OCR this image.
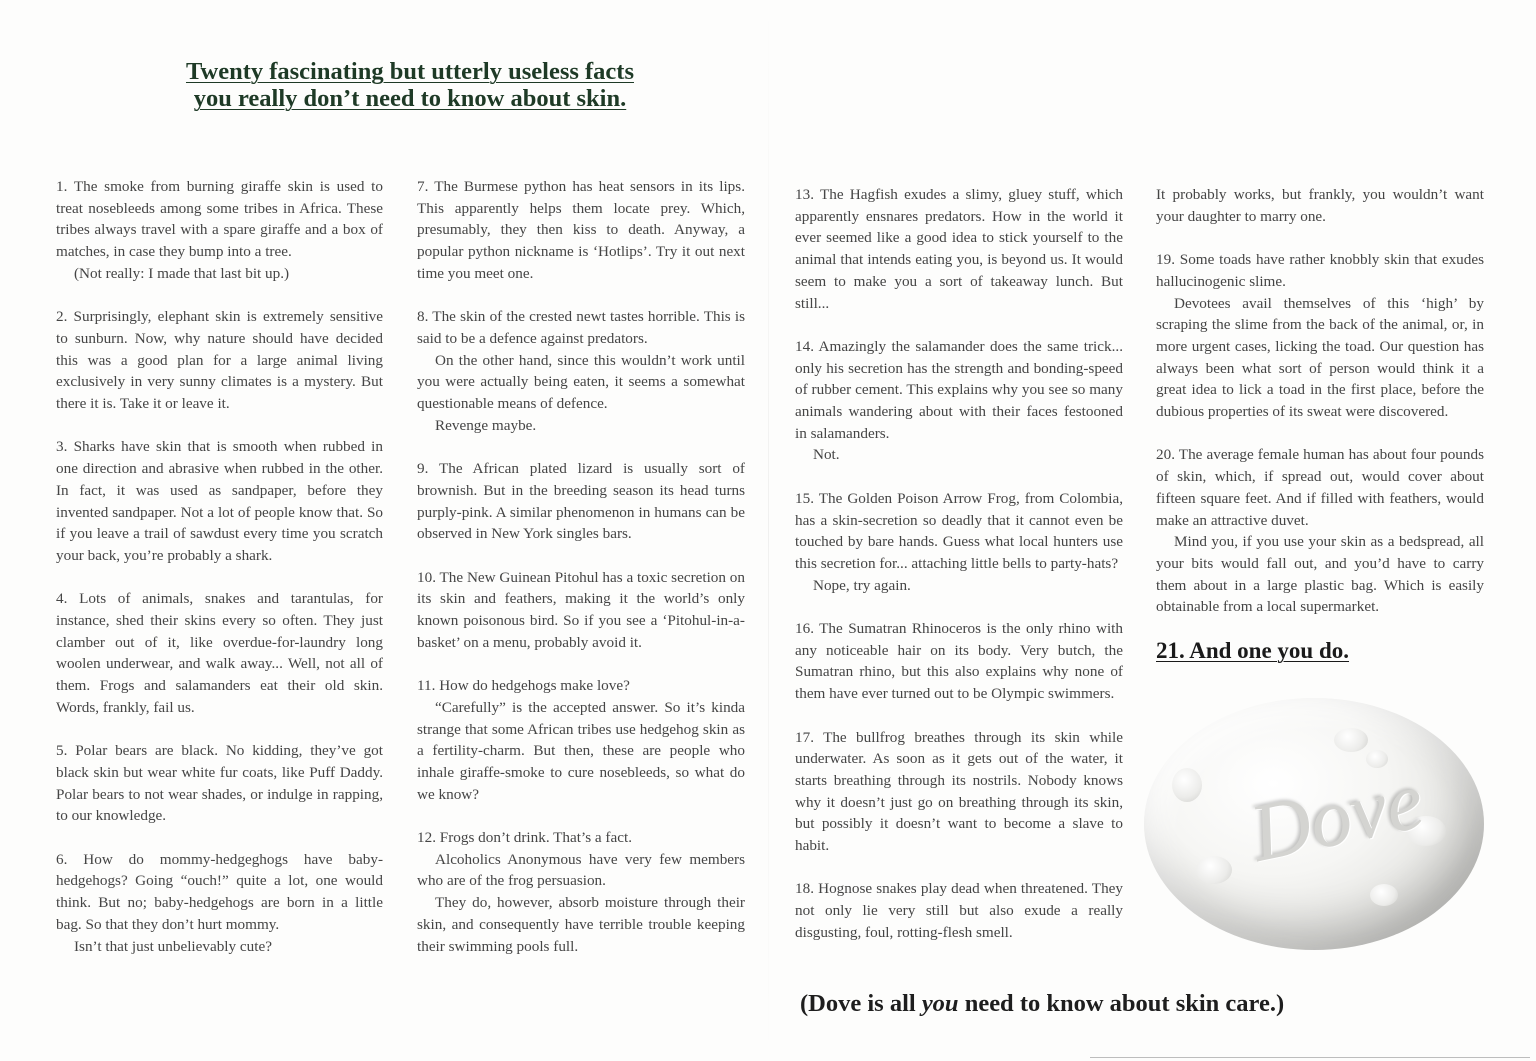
Twenty fascinating but utterly useless facts
you really don’t need to know about skin.

1. The smoke from burning giraffe skin is used to treat nosebleeds among some tribes in Africa. These tribes always travel with a spare giraffe and a box of matches, in case they bump into a tree.

(Not really: I made that last bit up.)

2. Surprisingly, elephant skin is extremely sensitive to sunburn. Now, why nature should have decided this was a good plan for a large animal living exclusively in very sunny climates is a mystery. But there it is. Take it or leave it.

3. Sharks have skin that is smooth when rubbed in one direction and abrasive when rubbed in the other. In fact, it was used as sandpaper, before they invented sandpaper. Not a lot of people know that. So if you leave a trail of sawdust every time you scratch your back, you’re probably a shark.

4. Lots of animals, snakes and tarantulas, for instance, shed their skins every so often. They just clamber out of it, like overdue-for-laundry long woolen underwear, and walk away... Well, not all of them. Frogs and salamanders eat their old skin. Words, frankly, fail us.

5. Polar bears are black. No kidding, they’ve got black skin but wear white fur coats, like Puff Daddy. Polar bears to not wear shades, or indulge in rapping, to our knowledge.

6. How do mommy-hedgeghogs have baby-hedgehogs? Going “ouch!” quite a lot, one would think. But no; baby-hedgehogs are born in a little bag. So that they don’t hurt mommy.

Isn’t that just unbelievably cute?

7. The Burmese python has heat sensors in its lips. This apparently helps them locate prey. Which, presumably, they then kiss to death. Anyway, a popular python nickname is ‘Hotlips’. Try it out next time you meet one.

8. The skin of the crested newt tastes horrible. This is said to be a defence against predators.

On the other hand, since this wouldn’t work until you were actually being eaten, it seems a somewhat questionable means of defence.

Revenge maybe.

9. The African plated lizard is usually sort of brownish. But in the breeding season its head turns purply-pink. A similar phenomenon in humans can be observed in New York singles bars.

10. The New Guinean Pitohul has a toxic secretion on its skin and feathers, making it the world’s only known poisonous bird. So if you see a ‘Pitohul-in-a-basket’ on a menu, probably avoid it.

11. How do hedgehogs make love?

“Carefully” is the accepted answer. So it’s kinda strange that some African tribes use hedgehog skin as a fertility-charm. But then, these are people who inhale giraffe-smoke to cure nosebleeds, so what do we know?

12. Frogs don’t drink. That’s a fact.

Alcoholics Anonymous have very few members who are of the frog persuasion.

They do, however, absorb moisture through their skin, and consequently have terrible trouble keeping their swimming pools full.

13. The Hagfish exudes a slimy, gluey stuff, which apparently ensnares predators. How in the world it ever seemed like a good idea to stick yourself to the animal that intends eating you, is beyond us. It would seem to make you a sort of takeaway lunch. But still...

14. Amazingly the salamander does the same trick... only his secretion has the strength and bonding-speed of rubber cement. This explains why you see so many animals wandering about with their faces festooned in salamanders.

Not.

15. The Golden Poison Arrow Frog, from Colombia, has a skin-secretion so deadly that it cannot even be touched by bare hands. Guess what local hunters use this secretion for... attaching little bells to party-hats?

Nope, try again.

16. The Sumatran Rhinoceros is the only rhino with any noticeable hair on its body. Very butch, the Sumatran rhino, but this also explains why none of them have ever turned out to be Olympic swimmers.

17. The bullfrog breathes through its skin while underwater. As soon as it gets out of the water, it starts breathing through its nostrils. Nobody knows why it doesn’t just go on breathing through its skin, but possibly it doesn’t want to become a slave to habit.

18. Hognose snakes play dead when threatened. They not only lie very still but also exude a really disgusting, foul, rotting-flesh smell.

It probably works, but frankly, you wouldn’t want your daughter to marry one.

19. Some toads have rather knobbly skin that exudes hallucinogenic slime.

Devotees avail themselves of this ‘high’ by scraping the slime from the back of the animal, or, in more urgent cases, licking the toad. Our question has always been what sort of person would think it a great idea to lick a toad in the first place, before the dubious properties of its sweat were discovered.

20. The average female human has about four pounds of skin, which, if spread out, would cover about fifteen square feet. And if filled with feathers, would make an attractive duvet.

Mind you, if you use your skin as a bedspread, all your bits would fall out, and you’d have to carry them about in a large plastic bag. Which is easily obtainable from a local supermarket.

21. And one you do.
Dove

(Dove is all you need to know about skin care.)
